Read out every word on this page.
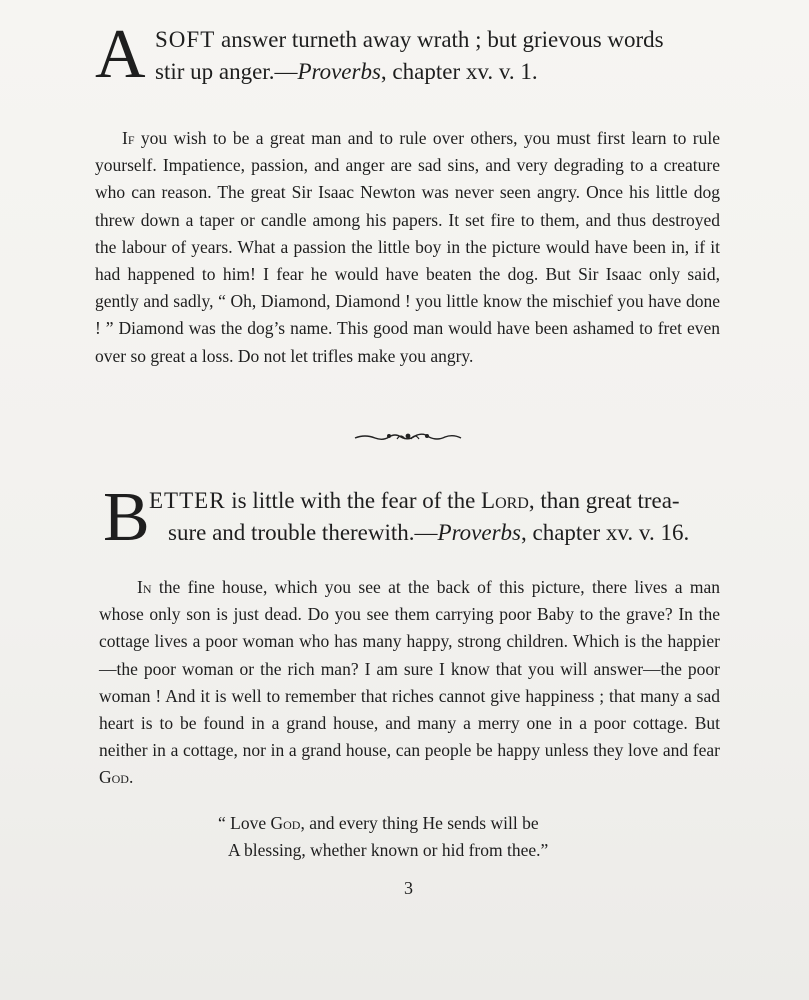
A SOFT answer turneth away wrath ; but grievous words
stir up anger.—Proverbs, chapter xv. v. 1.

If you wish to be a great man and to rule over others, you must first learn to rule yourself. Impatience, passion, and anger are sad sins, and very degrading to a creature who can reason. The great Sir Isaac Newton was never seen angry. Once his little dog threw down a taper or candle among his papers. It set fire to them, and thus destroyed the labour of years. What a passion the little boy in the picture would have been in, if it had happened to him! I fear he would have beaten the dog. But Sir Isaac only said, gently and sadly, “ Oh, Diamond, Diamond ! you little know the mischief you have done ! ” Diamond was the dog’s name. This good man would have been ashamed to fret even over so great a loss. Do not let trifles make you angry.

B ETTER is little with the fear of the Lord, than great trea-
sure and trouble therewith.—Proverbs, chapter xv. v. 16.

In the fine house, which you see at the back of this picture, there lives a man whose only son is just dead. Do you see them carrying poor Baby to the grave? In the cottage lives a poor woman who has many happy, strong children. Which is the happier—the poor woman or the rich man? I am sure I know that you will answer—the poor woman ! And it is well to remember that riches cannot give happiness ; that many a sad heart is to be found in a grand house, and many a merry one in a poor cottage. But neither in a cottage, nor in a grand house, can people be happy unless they love and fear God.

“ Love God, and every thing He sends will be
A blessing, whether known or hid from thee.”
3
